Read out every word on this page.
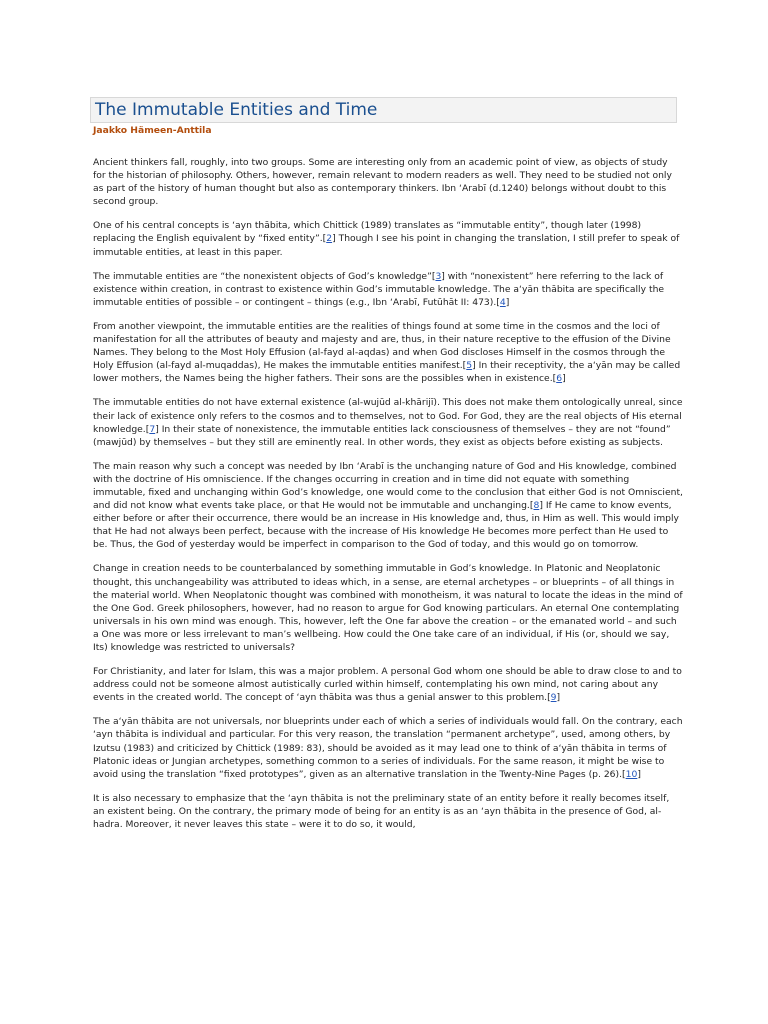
The Immutable Entities and Time

Jaakko Hämeen-Anttila

Ancient thinkers fall, roughly, into two groups. Some are interesting only from an academic point of view, as objects of study for the historian of philosophy. Others, however, remain relevant to modern readers as well. They need to be studied not only as part of the history of human thought but also as contemporary thinkers. Ibn ‘Arabī (d.1240) belongs without doubt to this second group.

One of his central concepts is ‘ayn thābita, which Chittick (1989) translates as “immutable entity”, though later (1998) replacing the English equivalent by “fixed entity”.[2] Though I see his point in changing the translation, I still prefer to speak of immutable entities, at least in this paper.

The immutable entities are “the nonexistent objects of God’s knowledge”[3] with “nonexistent” here referring to the lack of existence within creation, in contrast to existence within God’s immutable knowledge. The a‘yān thābita are specifically the immutable entities of possible – or contingent – things (e.g., Ibn ‘Arabī, Futūhāt II: 473).[4]

From another viewpoint, the immutable entities are the realities of things found at some time in the cosmos and the loci of manifestation for all the attributes of beauty and majesty and are, thus, in their nature receptive to the effusion of the Divine Names. They belong to the Most Holy Effusion (al-fayd al-aqdas) and when God discloses Himself in the cosmos through the Holy Effusion (al-fayd al-muqaddas), He makes the immutable entities manifest.[5] In their receptivity, the a‘yān may be called lower mothers, the Names being the higher fathers. Their sons are the possibles when in existence.[6]

The immutable entities do not have external existence (al-wujūd al-khārijī). This does not make them ontologically unreal, since their lack of existence only refers to the cosmos and to themselves, not to God. For God, they are the real objects of His eternal knowledge.[7] In their state of nonexistence, the immutable entities lack consciousness of themselves – they are not “found” (mawjūd) by themselves – but they still are eminently real. In other words, they exist as objects before existing as subjects.

The main reason why such a concept was needed by Ibn ‘Arabī is the unchanging nature of God and His knowledge, combined with the doctrine of His omniscience. If the changes occurring in creation and in time did not equate with something immutable, fixed and unchanging within God’s knowledge, one would come to the conclusion that either God is not Omniscient, and did not know what events take place, or that He would not be immutable and unchanging.[8] If He came to know events, either before or after their occurrence, there would be an increase in His knowledge and, thus, in Him as well. This would imply that He had not always been perfect, because with the increase of His knowledge He becomes more perfect than He used to be. Thus, the God of yesterday would be imperfect in comparison to the God of today, and this would go on tomorrow.

Change in creation needs to be counterbalanced by something immutable in God’s knowledge. In Platonic and Neoplatonic thought, this unchangeability was attributed to ideas which, in a sense, are eternal archetypes – or blueprints – of all things in the material world. When Neoplatonic thought was combined with monotheism, it was natural to locate the ideas in the mind of the One God. Greek philosophers, however, had no reason to argue for God knowing particulars. An eternal One contemplating universals in his own mind was enough. This, however, left the One far above the creation – or the emanated world – and such a One was more or less irrelevant to man’s wellbeing. How could the One take care of an individual, if His (or, should we say, Its) knowledge was restricted to universals?

For Christianity, and later for Islam, this was a major problem. A personal God whom one should be able to draw close to and to address could not be someone almost autistically curled within himself, contemplating his own mind, not caring about any events in the created world. The concept of ‘ayn thābita was thus a genial answer to this problem.[9]

The a‘yān thābita are not universals, nor blueprints under each of which a series of individuals would fall. On the contrary, each ‘ayn thābita is individual and particular. For this very reason, the translation “permanent archetype”, used, among others, by Izutsu (1983) and criticized by Chittick (1989: 83), should be avoided as it may lead one to think of a‘yān thābita in terms of Platonic ideas or Jungian archetypes, something common to a series of individuals. For the same reason, it might be wise to avoid using the translation “fixed prototypes”, given as an alternative translation in the Twenty-Nine Pages (p. 26).[10]

It is also necessary to emphasize that the ‘ayn thābita is not the preliminary state of an entity before it really becomes itself, an existent being. On the contrary, the primary mode of being for an entity is as an ‘ayn thābita in the presence of God, al-hadra. Moreover, it never leaves this state – were it to do so, it would,
